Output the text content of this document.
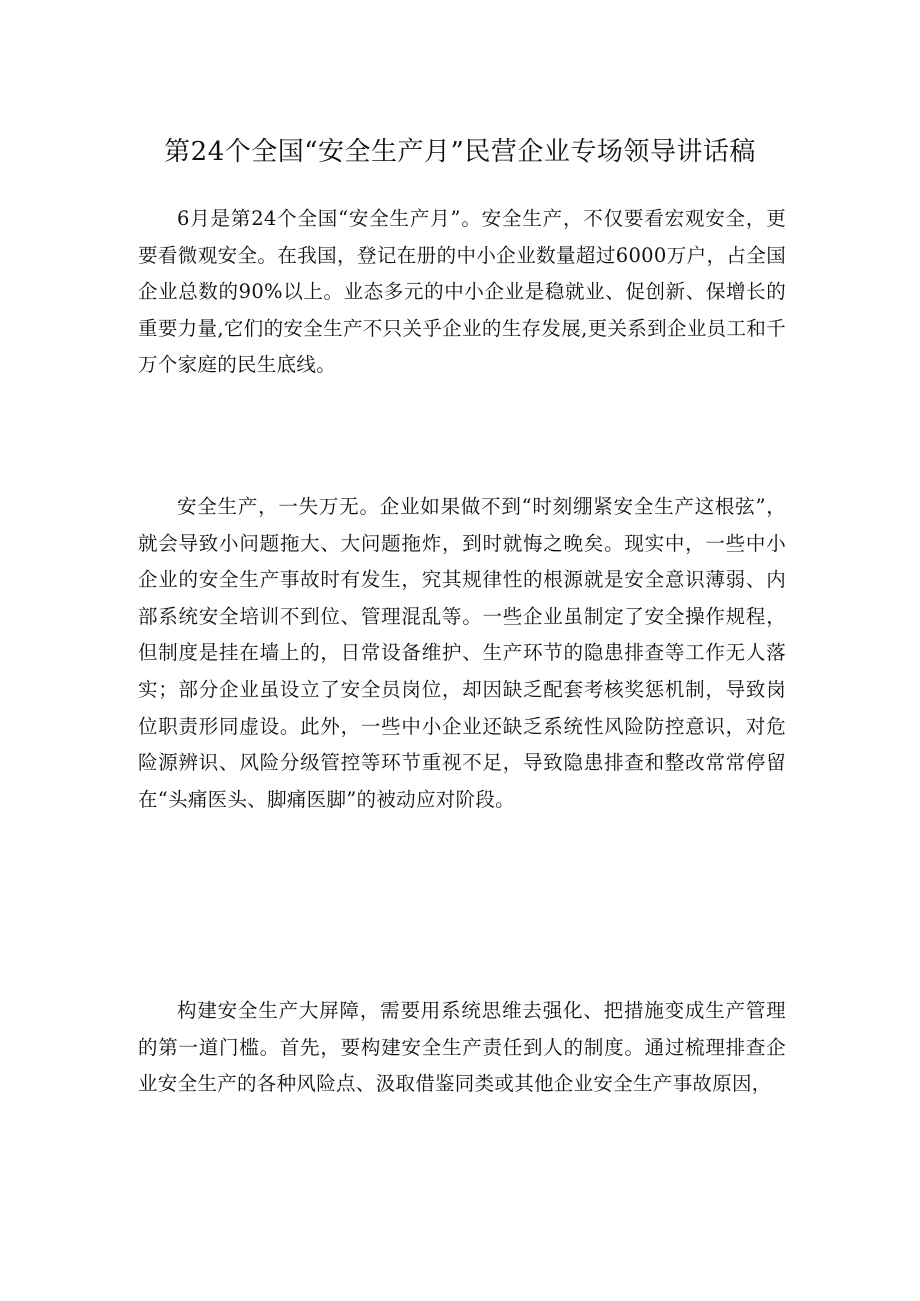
第24个全国“安全生产月”民营企业专场领导讲话稿

6月是第24个全国“安全生产月”。安全生产，不仅要看宏观安全，更要看微观安全。在我国，登记在册的中小企业数量超过6000万户，占全国企业总数的90%以上。业态多元的中小企业是稳就业、促创新、保增长的重要力量,它们的安全生产不只关乎企业的生存发展,更关系到企业员工和千万个家庭的民生底线。

安全生产，一失万无。企业如果做不到“时刻绷紧安全生产这根弦”，就会导致小问题拖大、大问题拖炸，到时就悔之晚矣。现实中，一些中小企业的安全生产事故时有发生，究其规律性的根源就是安全意识薄弱、内部系统安全培训不到位、管理混乱等。一些企业虽制定了安全操作规程，但制度是挂在墙上的，日常设备维护、生产环节的隐患排查等工作无人落实；部分企业虽设立了安全员岗位，却因缺乏配套考核奖惩机制，导致岗位职责形同虚设。此外，一些中小企业还缺乏系统性风险防控意识，对危险源辨识、风险分级管控等环节重视不足，导致隐患排查和整改常常停留在“头痛医头、脚痛医脚”的被动应对阶段。

构建安全生产大屏障，需要用系统思维去强化、把措施变成生产管理的第一道门槛。首先，要构建安全生产责任到人的制度。通过梳理排查企业安全生产的各种风险点、汲取借鉴同类或其他企业安全生产事故原因，
